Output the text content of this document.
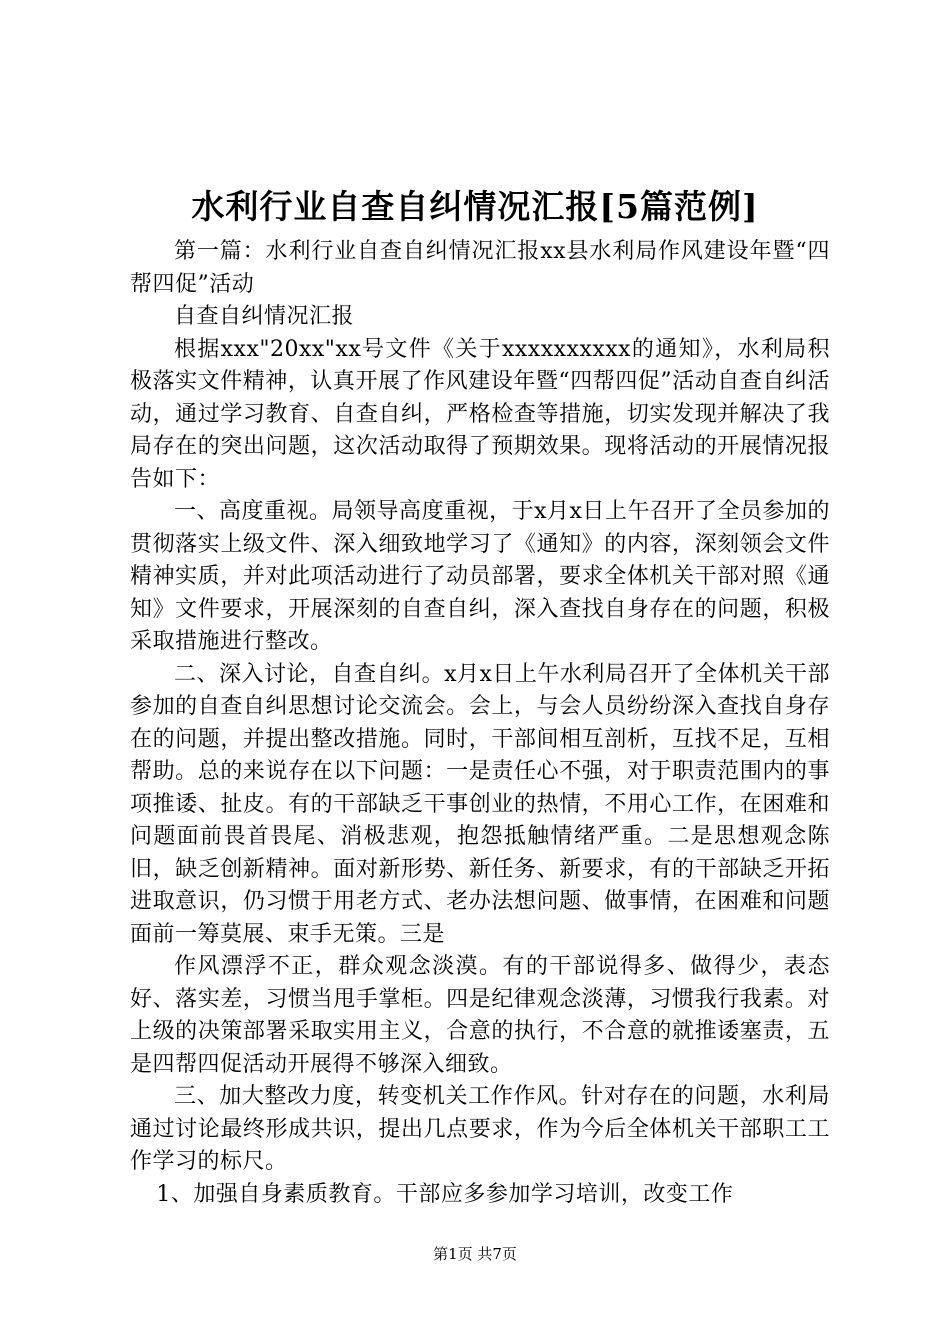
水利行业自查自纠情况汇报[5篇范例]

第一篇：水利行业自查自纠情况汇报xx县水利局作风建设年暨“四帮四促”活动

自查自纠情况汇报

根据xxx"20xx"xx号文件《关于xxxxxxxxxx的通知》，水利局积极落实文件精神，认真开展了作风建设年暨“四帮四促”活动自查自纠活动，通过学习教育、自查自纠，严格检查等措施，切实发现并解决了我局存在的突出问题，这次活动取得了预期效果。现将活动的开展情况报告如下：

一、高度重视。局领导高度重视，于x月x日上午召开了全员参加的贯彻落实上级文件、深入细致地学习了《通知》的内容，深刻领会文件精神实质，并对此项活动进行了动员部署，要求全体机关干部对照《通知》文件要求，开展深刻的自查自纠，深入查找自身存在的问题，积极采取措施进行整改。

二、深入讨论，自查自纠。x月x日上午水利局召开了全体机关干部参加的自查自纠思想讨论交流会。会上，与会人员纷纷深入查找自身存在的问题，并提出整改措施。同时，干部间相互剖析，互找不足，互相帮助。总的来说存在以下问题：一是责任心不强，对于职责范围内的事项推诿、扯皮。有的干部缺乏干事创业的热情，不用心工作，在困难和问题面前畏首畏尾、消极悲观，抱怨抵触情绪严重。二是思想观念陈旧，缺乏创新精神。面对新形势、新任务、新要求，有的干部缺乏开拓进取意识，仍习惯于用老方式、老办法想问题、做事情，在困难和问题面前一筹莫展、束手无策。三是

作风漂浮不正，群众观念淡漠。有的干部说得多、做得少，表态好、落实差，习惯当甩手掌柜。四是纪律观念淡薄，习惯我行我素。对上级的决策部署采取实用主义，合意的执行，不合意的就推诿塞责，五是四帮四促活动开展得不够深入细致。

三、加大整改力度，转变机关工作作风。针对存在的问题，水利局通过讨论最终形成共识，提出几点要求，作为今后全体机关干部职工工作学习的标尺。

1、加强自身素质教育。干部应多参加学习培训，改变工作

第1页 共7页
